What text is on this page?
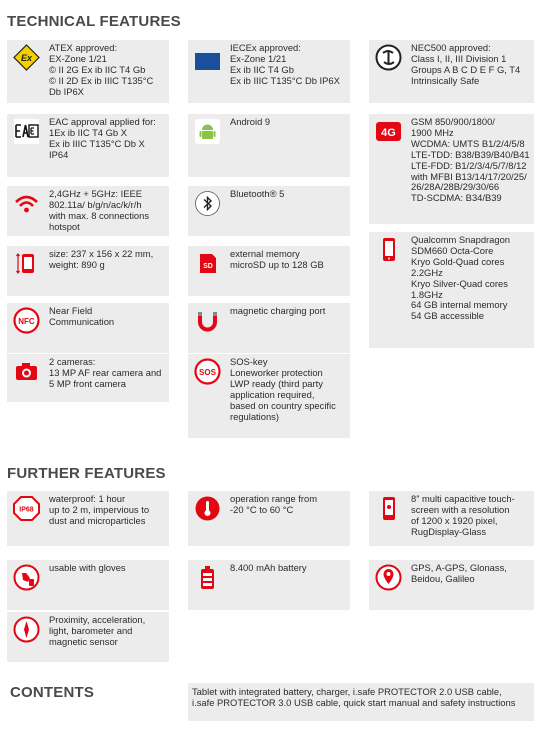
TECHNICAL FEATURES
FURTHER FEATURES
CONTENTS
Ex
ATEX approved:
EX-Zone 1/21
© II 2G Ex ib IIC T4 Gb
© II 2D Ex ib IIIC T135°C
Db IP6X
IECEx approved:
Ex-Zone 1/21
Ex ib IIC T4 Gb
Ex ib IIIC T135°C Db IP6X
NEC500 approved:
Class I, II, III Division 1
Groups A B C D E F G, T4
Intrinsically Safe
EAC approval applied for:
1Ex ib IIC T4 Gb X
Ex ib IIIC T135°C Db X
IP64
Android 9
4G
GSM 850/900/1800/
1900 MHz
WCDMA: UMTS B1/2/4/5/8
LTE-TDD: B38/B39/B40/B41
LTE-FDD: B1/2/3/4/5/7/8/12
with MFBI B13/14/17/20/25/
26/28A/28B/29/30/66
TD-SCDMA: B34/B39
2,4GHz + 5GHz: IEEE
802.11a/ b/g/n/ac/k/r/h
with max. 8 connections
hotspot
Bluetooth® 5
Qualcomm Snapdragon
SDM660 Octa-Core
Kryo Gold-Quad cores
2.2GHz
Kryo Silver-Quad cores
1.8GHz
64 GB internal memory
54 GB accessible
size: 237 x 156 x 22 mm,
weight: 890 g	SD
external memory
microSD up to 128 GB
NFC
Near Field
Communication
magnetic charging port
2 cameras:
13 MP AF rear camera and
5 MP front camera
SOS
SOS-key
Loneworker protection
LWP ready (third party
application required,
based on country specific
regulations)
IP68
waterproof: 1 hour
up to 2 m, impervious to
dust and microparticles
operation range from
-20 °C to 60 °C
8” multi capacitive touch-
screen with a resolution
of 1200 x 1920 pixel,
RugDisplay-Glass
usable with gloves	8.400 mAh battery	GPS, A-GPS, Glonass,
Beidou, Galileo
Proximity, acceleration,
light, barometer and
magnetic sensor
Tablet with integrated battery, charger, i.safe PROTECTOR 2.0 USB cable,
i.safe PROTECTOR 3.0 USB cable, quick start manual and safety instructions
